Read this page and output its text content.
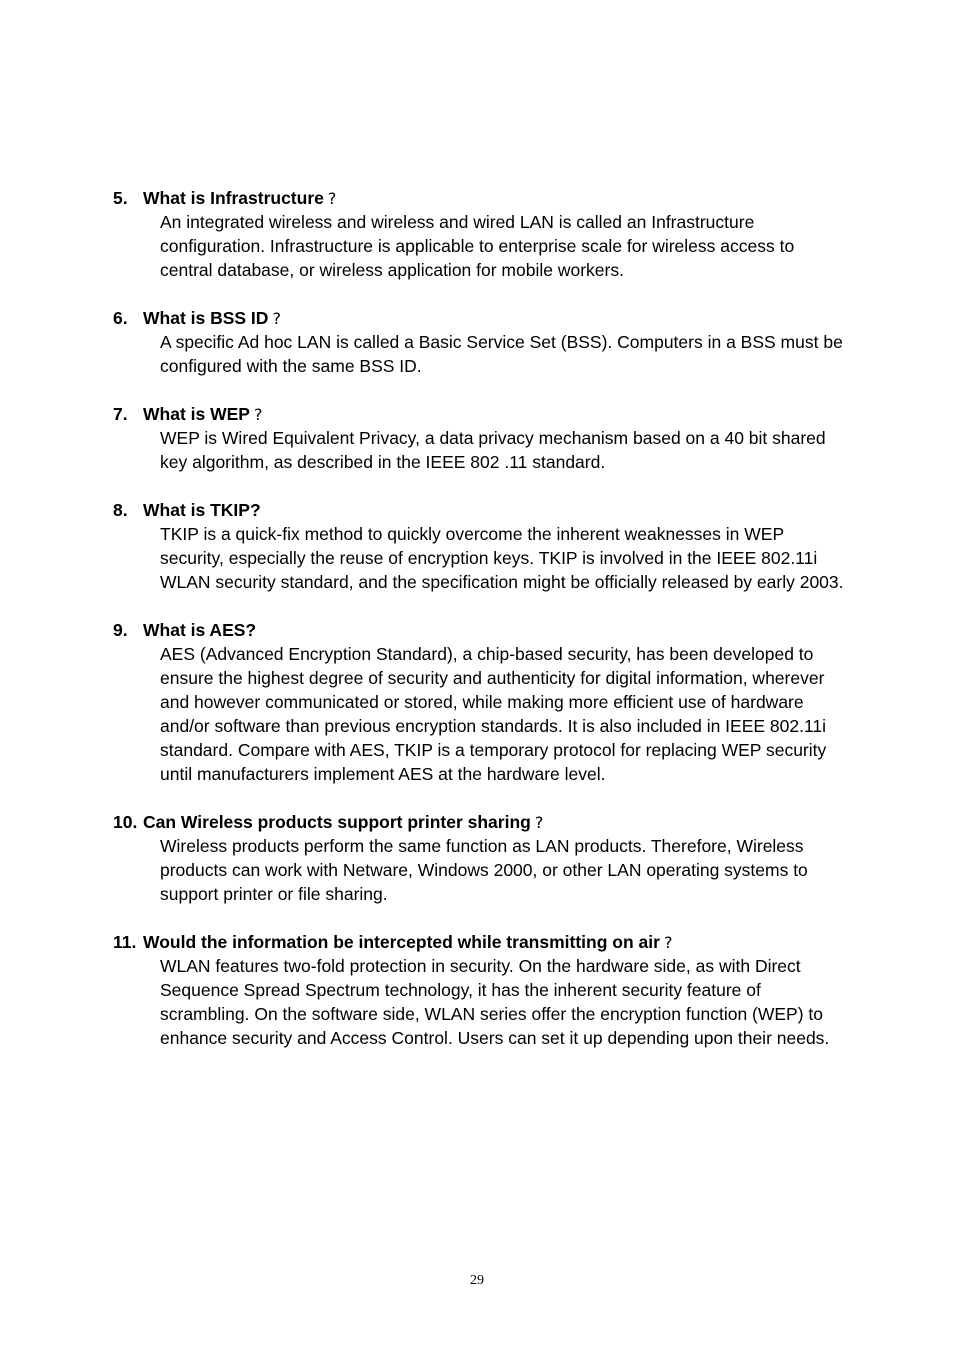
5. What is Infrastructure ?
An integrated wireless and wireless and wired LAN is called an Infrastructure configuration. Infrastructure is applicable to enterprise scale for wireless access to central database, or wireless application for mobile workers.
6. What is BSS ID ?
A specific Ad hoc LAN is called a Basic Service Set (BSS). Computers in a BSS must be configured with the same BSS ID.
7. What is WEP ?
WEP is Wired Equivalent Privacy, a data privacy mechanism based on a 40 bit shared key algorithm, as described in the IEEE 802 .11 standard.
8. What is TKIP?
TKIP is a quick-fix method to quickly overcome the inherent weaknesses in WEP security, especially the reuse of encryption keys. TKIP is involved in the IEEE 802.11i WLAN security standard, and the specification might be officially released by early 2003.
9. What is AES?
AES (Advanced Encryption Standard), a chip-based security, has been developed to ensure the highest degree of security and authenticity for digital information, wherever and however communicated or stored, while making more efficient use of hardware and/or software than previous encryption standards. It is also included in IEEE 802.11i standard. Compare with AES, TKIP is a temporary protocol for replacing WEP security until manufacturers implement AES at the hardware level.
10. Can Wireless products support printer sharing ?
Wireless products perform the same function as LAN products. Therefore, Wireless products can work with Netware, Windows 2000, or other LAN operating systems to support printer or file sharing.
11. Would the information be intercepted while transmitting on air ?
WLAN features two-fold protection in security. On the hardware side, as with Direct Sequence Spread Spectrum technology, it has the inherent security feature of scrambling. On the software side, WLAN series offer the encryption function (WEP) to enhance security and Access Control. Users can set it up depending upon their needs.
29
